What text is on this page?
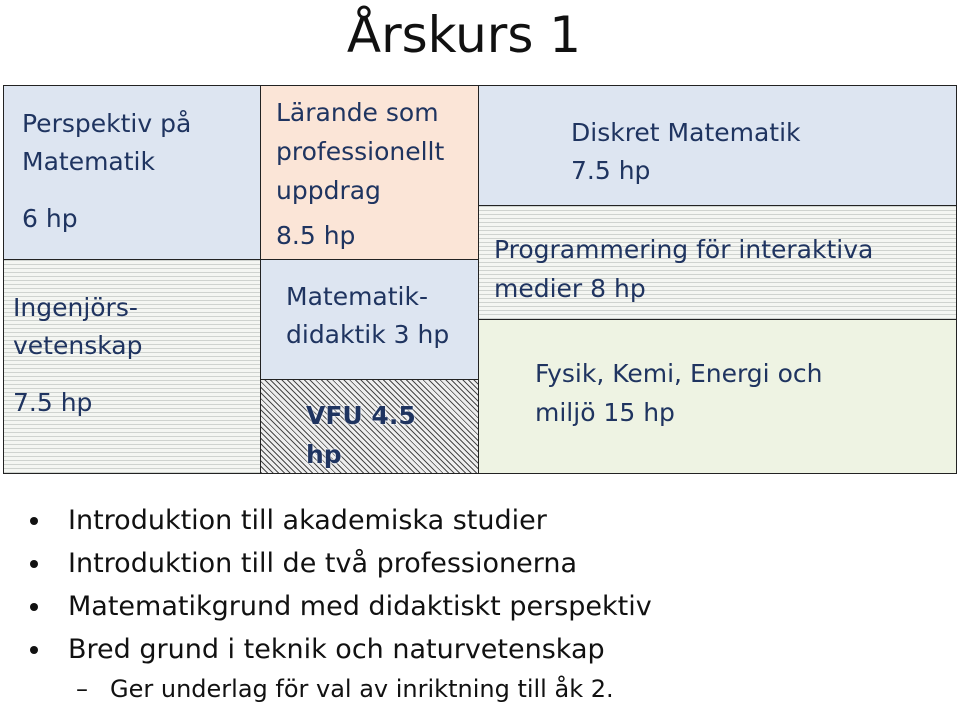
Årskurs 1
Perspektiv på
Matematik
6 hp
Ingenjörs-
vetenskap
7.5 hp
Lärande som
professionellt
uppdrag
8.5 hp
Matematik-
didaktik 3 hp
VFU 4.5
hp
Diskret Matematik
7.5 hp
Programmering för interaktiva
medier 8 hp
Fysik, Kemi, Energi och
miljö 15 hp
Introduktion till akademiska studier
Introduktion till de två professionerna
Matematikgrund med didaktiskt perspektiv
Bred grund i teknik och naturvetenskap
– Ger underlag för val av inriktning till åk 2.
